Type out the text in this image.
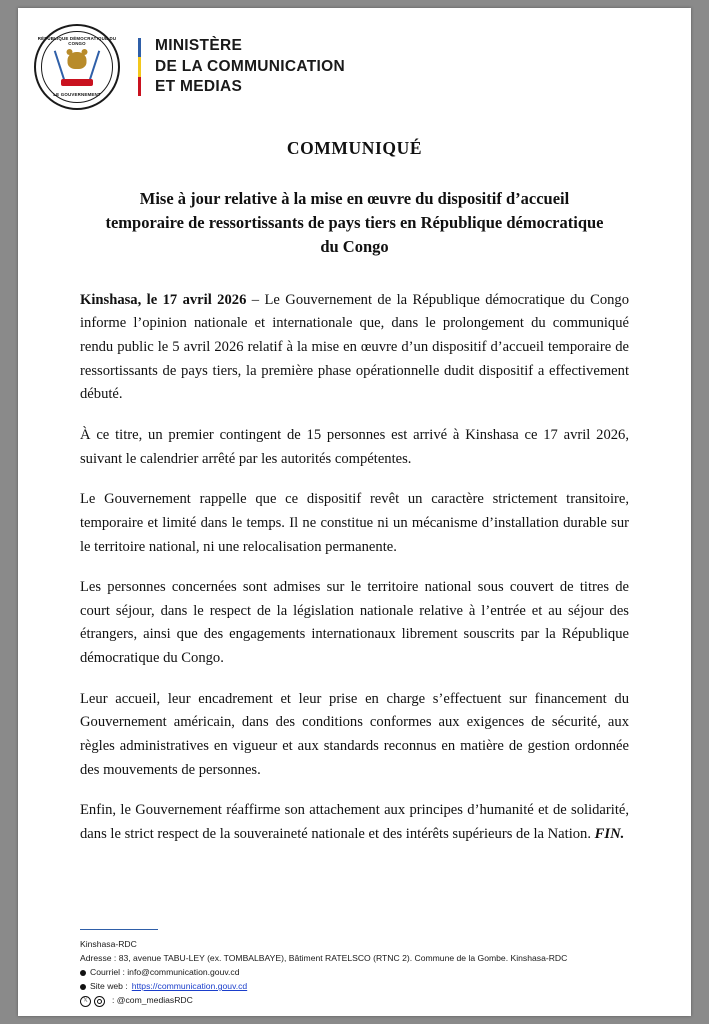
RÉPUBLIQUE DÉMOCRATIQUE DU CONGO
LE GOUVERNEMENT
MINISTÈRE
DE LA COMMUNICATION
ET MEDIAS
COMMUNIQUÉ
Mise à jour relative à la mise en œuvre du dispositif d’accueil temporaire de ressortissants de pays tiers en République démocratique du Congo

Kinshasa, le 17 avril 2026 – Le Gouvernement de la République démocratique du Congo informe l’opinion nationale et internationale que, dans le prolongement du communiqué rendu public le 5 avril 2026 relatif à la mise en œuvre d’un dispositif d’accueil temporaire de ressortissants de pays tiers, la première phase opérationnelle dudit dispositif a effectivement débuté.

À ce titre, un premier contingent de 15 personnes est arrivé à Kinshasa ce 17 avril 2026, suivant le calendrier arrêté par les autorités compétentes.

Le Gouvernement rappelle que ce dispositif revêt un caractère strictement transitoire, temporaire et limité dans le temps. Il ne constitue ni un mécanisme d’installation durable sur le territoire national, ni une relocalisation permanente.

Les personnes concernées sont admises sur le territoire national sous couvert de titres de court séjour, dans le respect de la législation nationale relative à l’entrée et au séjour des étrangers, ainsi que des engagements internationaux librement souscrits par la République démocratique du Congo.

Leur accueil, leur encadrement et leur prise en charge s’effectuent sur financement du Gouvernement américain, dans des conditions conformes aux exigences de sécurité, aux règles administratives en vigueur et aux standards reconnus en matière de gestion ordonnée des mouvements de personnes.

Enfin, le Gouvernement réaffirme son attachement aux principes d’humanité et de solidarité, dans le strict respect de la souveraineté nationale et des intérêts supérieurs de la Nation. FIN.

Kinshasa-RDC
Adresse : 83, avenue TABU-LEY (ex. TOMBALBAYE), Bâtiment RATELSCO (RTNC 2). Commune de la Gombe. Kinshasa-RDC
Courriel : info@communication.gouv.cd
Site web : https://communication.gouv.cd
𝕏
: @com_mediasRDC
